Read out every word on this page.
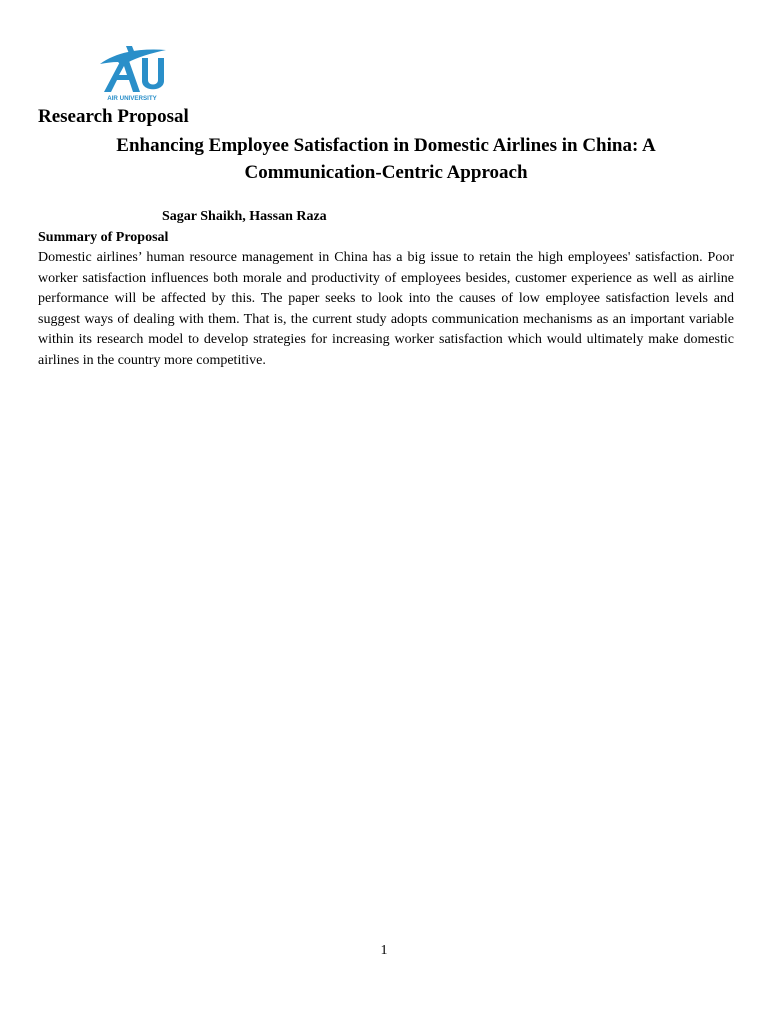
AIR UNIVERSITY
Research Proposal
Enhancing Employee Satisfaction in Domestic Airlines in China: A
Communication-Centric Approach
Sagar Shaikh, Hassan Raza
Summary of Proposal

Domestic airlines’ human resource management in China has a big issue to retain the high employees' satisfaction. Poor worker satisfaction influences both morale and productivity of employees besides, customer experience as well as airline performance will be affected by this. The paper seeks to look into the causes of low employee satisfaction levels and suggest ways of dealing with them. That is, the current study adopts communication mechanisms as an important variable within its research model to develop strategies for increasing worker satisfaction which would ultimately make domestic airlines in the country more competitive.

1
